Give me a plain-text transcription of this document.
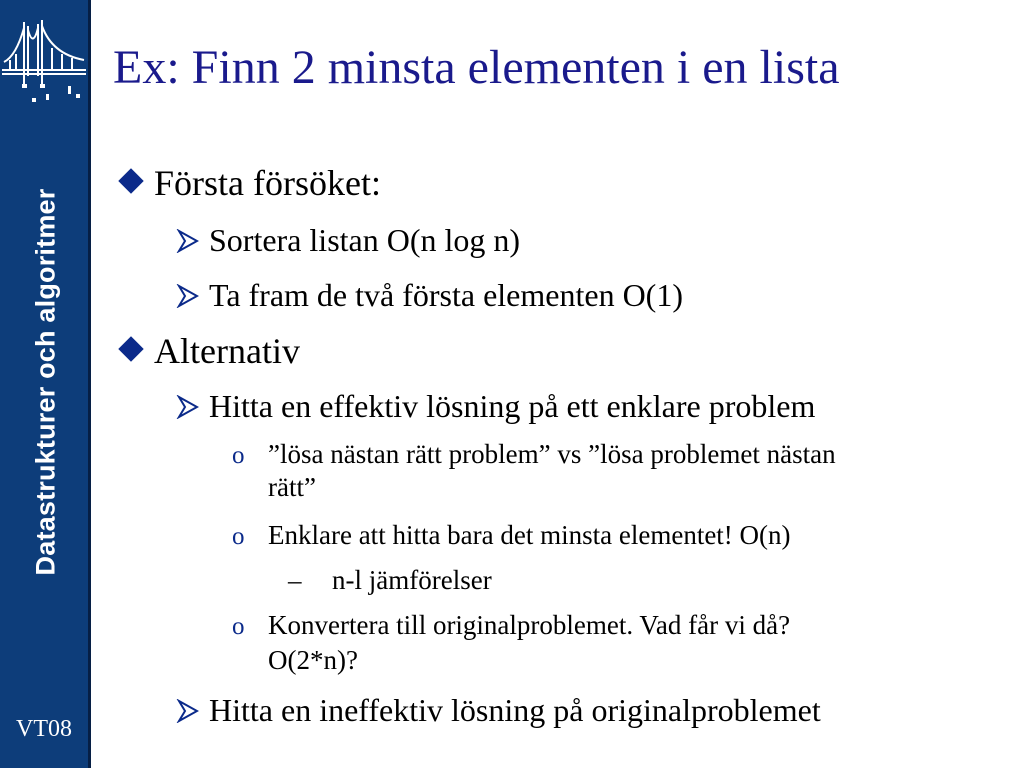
Datastrukturer och algoritmer
VT08
Ex: Finn 2 minsta elementen i en lista
Första försöket:
Sortera listan O(n log n)
Ta fram de två första elementen O(1)
Alternativ
Hitta en effektiv lösning på ett enklare problem
o ”lösa nästan rätt problem” vs ”lösa problemet nästan
rätt”
o Enklare att hitta bara det minsta elementet! O(n)
– n-l jämförelser
o Konvertera till originalproblemet. Vad får vi då?
O(2*n)?
Hitta en ineffektiv lösning på originalproblemet
